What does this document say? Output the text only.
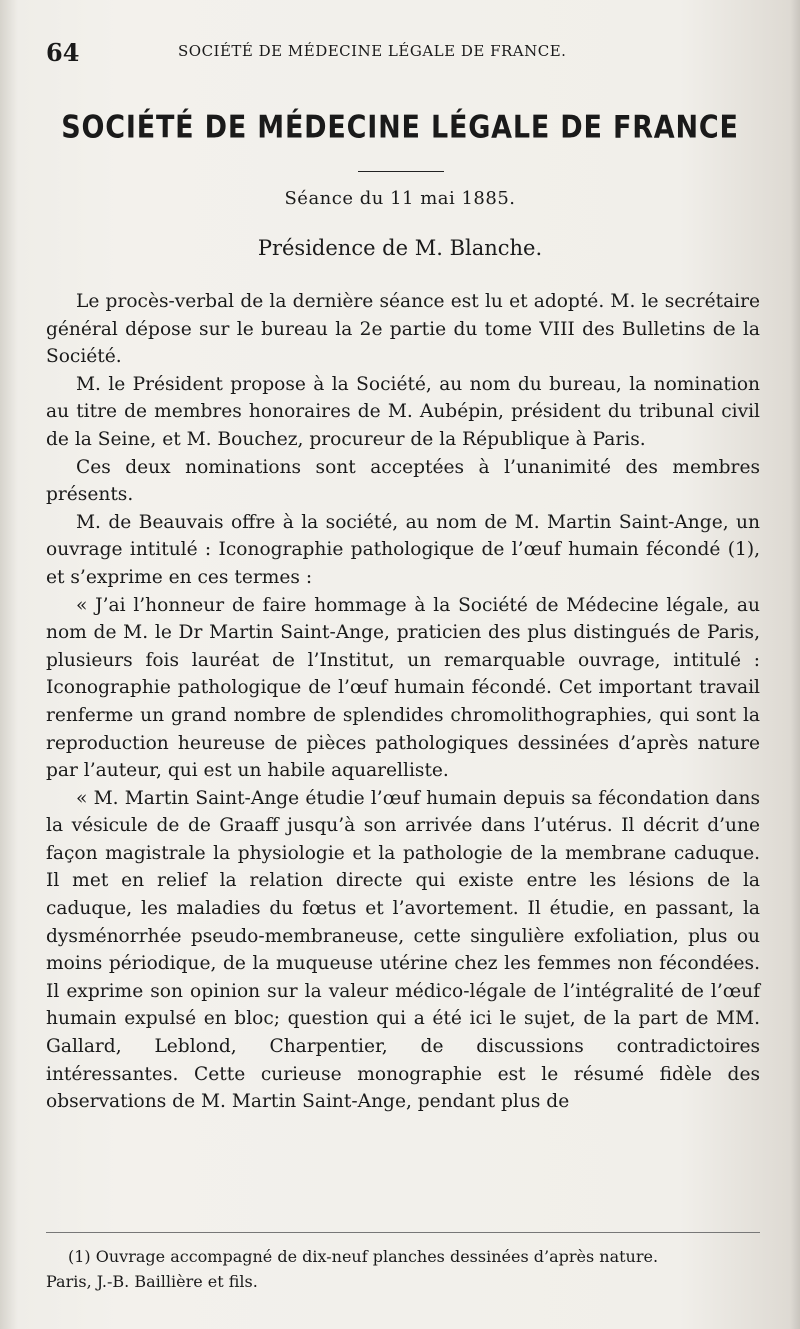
64	SOCIÉTÉ DE MÉDECINE LÉGALE DE FRANCE.
SOCIÉTÉ DE MÉDECINE LÉGALE DE FRANCE
Séance du 11 mai 1885.
Présidence de M. Blanche.

Le procès-verbal de la dernière séance est lu et adopté. M. le secrétaire général dépose sur le bureau la 2e partie du tome VIII des Bulletins de la Société.

M. le Président propose à la Société, au nom du bureau, la nomination au titre de membres honoraires de M. Aubépin, président du tribunal civil de la Seine, et M. Bouchez, procureur de la République à Paris.

Ces deux nominations sont acceptées à l’unanimité des membres présents.

M. de Beauvais offre à la société, au nom de M. Martin Saint-Ange, un ouvrage intitulé : Iconographie pathologique de l’œuf humain fécondé (1), et s’exprime en ces termes :

« J’ai l’honneur de faire hommage à la Société de Médecine légale, au nom de M. le Dr Martin Saint-Ange, praticien des plus distingués de Paris, plusieurs fois lauréat de l’Institut, un remarquable ouvrage, intitulé : Iconographie pathologique de l’œuf humain fécondé. Cet important travail renferme un grand nombre de splendides chromolithographies, qui sont la reproduction heureuse de pièces pathologiques dessinées d’après nature par l’auteur, qui est un habile aquarelliste.

« M. Martin Saint-Ange étudie l’œuf humain depuis sa fécondation dans la vésicule de de Graaff jusqu’à son arrivée dans l’utérus. Il décrit d’une façon magistrale la physiologie et la pathologie de la membrane caduque. Il met en relief la relation directe qui existe entre les lésions de la caduque, les maladies du fœtus et l’avortement. Il étudie, en passant, la dysménorrhée pseudo-membraneuse, cette singulière exfoliation, plus ou moins périodique, de la muqueuse utérine chez les femmes non fécondées. Il exprime son opinion sur la valeur médico-légale de l’intégralité de l’œuf humain expulsé en bloc; question qui a été ici le sujet, de la part de MM. Gallard, Leblond, Charpentier, de discussions contradictoires intéressantes. Cette curieuse monographie est le résumé fidèle des observations de M. Martin Saint-Ange, pendant plus de

(1) Ouvrage accompagné de dix-neuf planches dessinées d’après nature.

Paris, J.-B. Baillière et fils.
